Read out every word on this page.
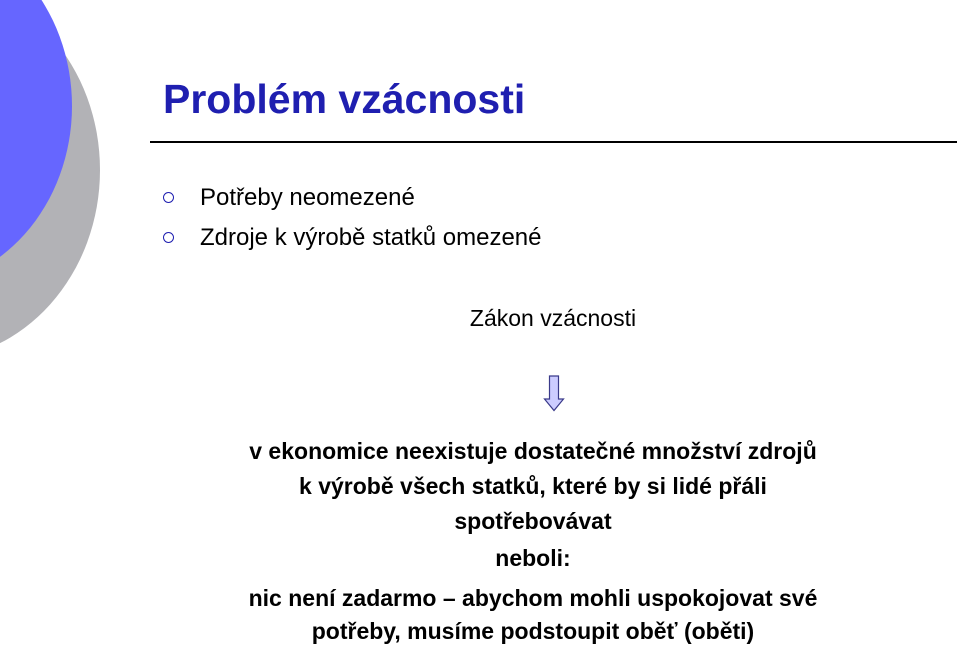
Problém vzácnosti
Potřeby neomezené
Zdroje k výrobě statků omezené
Zákon vzácnosti
v ekonomice neexistuje dostatečné množství zdrojů
k výrobě všech statků, které by si lidé přáli
spotřebovávat
neboli:
nic není zadarmo – abychom mohli uspokojovat své
potřeby, musíme podstoupit oběť (oběti)
